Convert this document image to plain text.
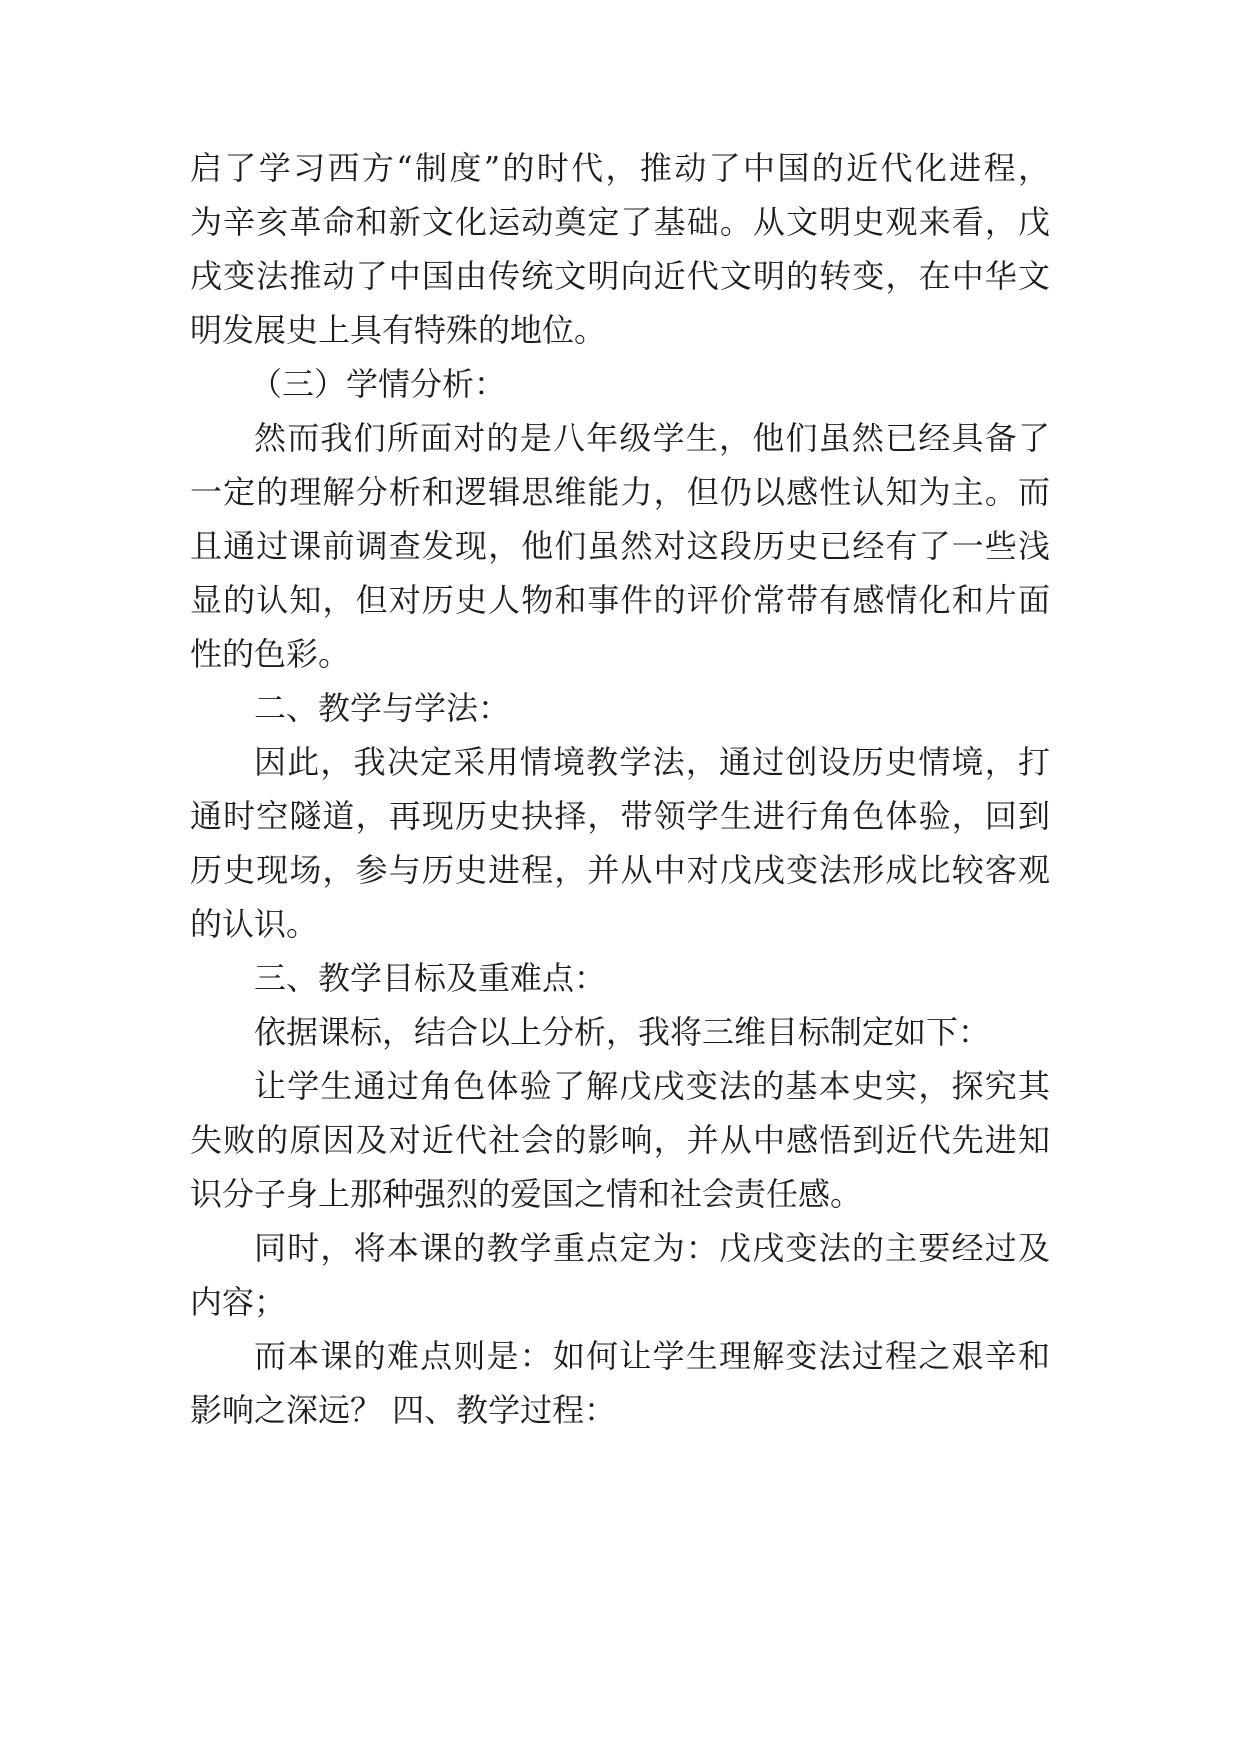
启了学习西方“制度”的时代，推动了中国的近代化进程，
为辛亥革命和新文化运动奠定了基础。从文明史观来看，戊
戌变法推动了中国由传统文明向近代文明的转变，在中华文
明发展史上具有特殊的地位。
（三）学情分析：
然而我们所面对的是八年级学生，他们虽然已经具备了
一定的理解分析和逻辑思维能力，但仍以感性认知为主。而
且通过课前调查发现，他们虽然对这段历史已经有了一些浅
显的认知，但对历史人物和事件的评价常带有感情化和片面
性的色彩。
二、教学与学法：
因此，我决定采用情境教学法，通过创设历史情境，打
通时空隧道，再现历史抉择，带领学生进行角色体验，回到
历史现场，参与历史进程，并从中对戊戌变法形成比较客观
的认识。
三、教学目标及重难点：
依据课标，结合以上分析，我将三维目标制定如下：
让学生通过角色体验了解戊戌变法的基本史实，探究其
失败的原因及对近代社会的影响，并从中感悟到近代先进知
识分子身上那种强烈的爱国之情和社会责任感。
同时，将本课的教学重点定为：戊戌变法的主要经过及
内容；
而本课的难点则是：如何让学生理解变法过程之艰辛和
影响之深远？ 四、教学过程：
